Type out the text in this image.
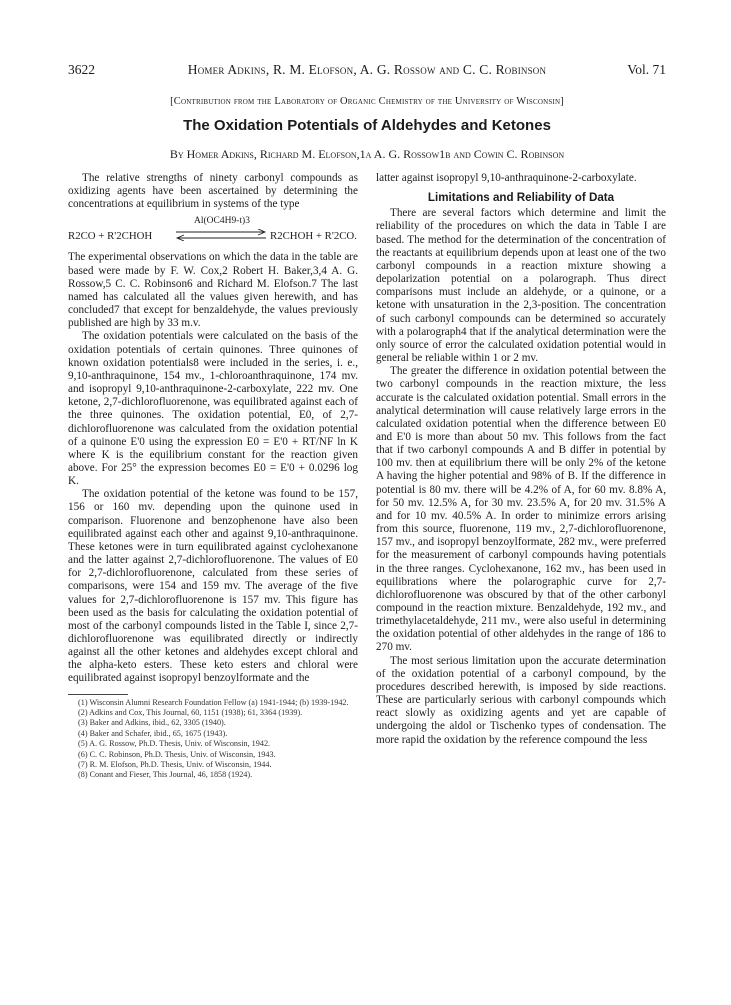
3622	Homer Adkins, R. M. Elofson, A. G. Rossow and C. C. Robinson	Vol. 71
[Contribution from the Laboratory of Organic Chemistry of the University of Wisconsin]
The Oxidation Potentials of Aldehydes and Ketones
By Homer Adkins, Richard M. Elofson,1a A. G. Rossow1b and Cowin C. Robinson

The relative strengths of ninety carbonyl compounds as oxidizing agents have been ascertained by determining the concentrations at equilibrium in systems of the type

R2CO + R'2CHOH
Al(OC4H9-t)3
R2CHOH + R'2CO.

The experimental observations on which the data in the table are based were made by F. W. Cox,2 Robert H. Baker,3,4 A. G. Rossow,5 C. C. Robinson6 and Richard M. Elofson.7 The last named has calculated all the values given herewith, and has concluded7 that except for benzaldehyde, the values previously published are high by 33 m.v.

The oxidation potentials were calculated on the basis of the oxidation potentials of certain quinones. Three quinones of known oxidation potentials8 were included in the series, i. e., 9,10-anthraquinone, 154 mv., 1-chloroanthraquinone, 174 mv. and isopropyl 9,10-anthraquinone-2-carboxylate, 222 mv. One ketone, 2,7-dichlorofluorenone, was equilibrated against each of the three quinones. The oxidation potential, E0, of 2,7-dichlorofluorenone was calculated from the oxidation potential of a quinone E'0 using the expression E0 = E'0 + RT/NF ln K where K is the equilibrium constant for the reaction given above. For 25° the expression becomes E0 = E'0 + 0.0296 log K.

The oxidation potential of the ketone was found to be 157, 156 or 160 mv. depending upon the quinone used in comparison. Fluorenone and benzophenone have also been equilibrated against each other and against 9,10-anthraquinone. These ketones were in turn equilibrated against cyclohexanone and the latter against 2,7-dichlorofluorenone. The values of E0 for 2,7-dichlorofluorenone, calculated from these series of comparisons, were 154 and 159 mv. The average of the five values for 2,7-dichlorofluorenone is 157 mv. This figure has been used as the basis for calculating the oxidation potential of most of the carbonyl compounds listed in the Table I, since 2,7-dichlorofluorenone was equilibrated directly or indirectly against all the other ketones and aldehydes except chloral and the alpha-keto esters. These keto esters and chloral were equilibrated against isopropyl benzoylformate and the

(1) Wisconsin Alumni Research Foundation Fellow (a) 1941-1944; (b) 1939-1942.

(2) Adkins and Cox, This Journal, 60, 1151 (1938); 61, 3364 (1939).

(3) Baker and Adkins, ibid., 62, 3305 (1940).

(4) Baker and Schafer, ibid., 65, 1675 (1943).

(5) A. G. Rossow, Ph.D. Thesis, Univ. of Wisconsin, 1942.

(6) C. C. Robinson, Ph.D. Thesis, Univ. of Wisconsin, 1943.

(7) R. M. Elofson, Ph.D. Thesis, Univ. of Wisconsin, 1944.

(8) Conant and Fieser, This Journal, 46, 1858 (1924).

latter against isopropyl 9,10-anthraquinone-2-carboxylate.

Limitations and Reliability of Data

There are several factors which determine and limit the reliability of the procedures on which the data in Table I are based. The method for the determination of the concentration of the reactants at equilibrium depends upon at least one of the two carbonyl compounds in a reaction mixture showing a depolarization potential on a polarograph. Thus direct comparisons must include an aldehyde, or a quinone, or a ketone with unsaturation in the 2,3-position. The concentration of such carbonyl compounds can be determined so accurately with a polarograph4 that if the analytical determination were the only source of error the calculated oxidation potential would in general be reliable within 1 or 2 mv.

The greater the difference in oxidation potential between the two carbonyl compounds in the reaction mixture, the less accurate is the calculated oxidation potential. Small errors in the analytical determination will cause relatively large errors in the calculated oxidation potential when the difference between E0 and E'0 is more than about 50 mv. This follows from the fact that if two carbonyl compounds A and B differ in potential by 100 mv. then at equilibrium there will be only 2% of the ketone A having the higher potential and 98% of B. If the difference in potential is 80 mv. there will be 4.2% of A, for 60 mv. 8.8% A, for 50 mv. 12.5% A, for 30 mv. 23.5% A, for 20 mv. 31.5% A and for 10 mv. 40.5% A. In order to minimize errors arising from this source, fluorenone, 119 mv., 2,7-dichlorofluorenone, 157 mv., and isopropyl benzoylformate, 282 mv., were preferred for the measurement of carbonyl compounds having potentials in the three ranges. Cyclohexanone, 162 mv., has been used in equilibrations where the polarographic curve for 2,7-dichlorofluorenone was obscured by that of the other carbonyl compound in the reaction mixture. Benzaldehyde, 192 mv., and trimethylacetaldehyde, 211 mv., were also useful in determining the oxidation potential of other aldehydes in the range of 186 to 270 mv.

The most serious limitation upon the accurate determination of the oxidation potential of a carbonyl compound, by the procedures described herewith, is imposed by side reactions. These are particularly serious with carbonyl compounds which react slowly as oxidizing agents and yet are capable of undergoing the aldol or Tischenko types of condensation. The more rapid the oxidation by the reference compound the less
